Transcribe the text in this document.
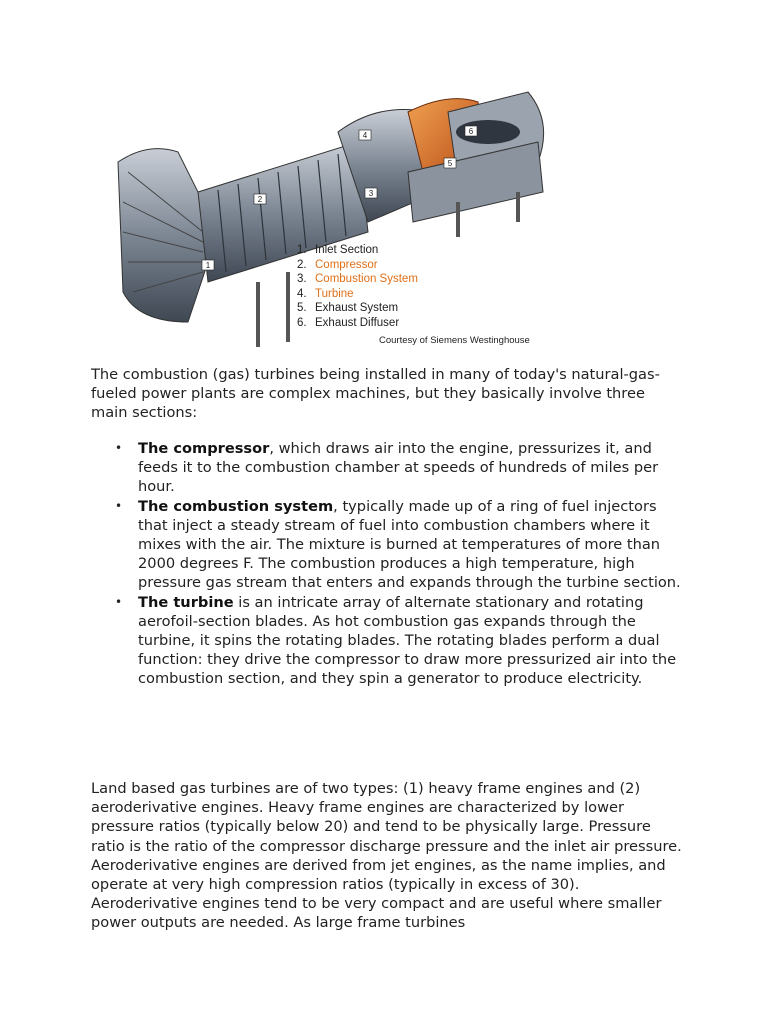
1
2
3
4
5
6
1. Inlet Section
2. Compressor
3. Combustion System
4. Turbine
5. Exhaust System
6. Exhaust Diffuser
Courtesy of Siemens Westinghouse

The combustion (gas) turbines being installed in many of today's natural-gas-fueled power plants are complex machines, but they basically involve three main sections:

• The compressor, which draws air into the engine, pressurizes it, and feeds it to the combustion chamber at speeds of hundreds of miles per hour.
• The combustion system, typically made up of a ring of fuel injectors that inject a steady stream of fuel into combustion chambers where it mixes with the air. The mixture is burned at temperatures of more than 2000 degrees F. The combustion produces a high temperature, high pressure gas stream that enters and expands through the turbine section.
• The turbine is an intricate array of alternate stationary and rotating aerofoil-section blades. As hot combustion gas expands through the turbine, it spins the rotating blades. The rotating blades perform a dual function: they drive the compressor to draw more pressurized air into the combustion section, and they spin a generator to produce electricity.

Land based gas turbines are of two types: (1) heavy frame engines and (2) aeroderivative engines. Heavy frame engines are characterized by lower pressure ratios (typically below 20) and tend to be physically large. Pressure ratio is the ratio of the compressor discharge pressure and the inlet air pressure. Aeroderivative engines are derived from jet engines, as the name implies, and operate at very high compression ratios (typically in excess of 30). Aeroderivative engines tend to be very compact and are useful where smaller power outputs are needed. As large frame turbines
